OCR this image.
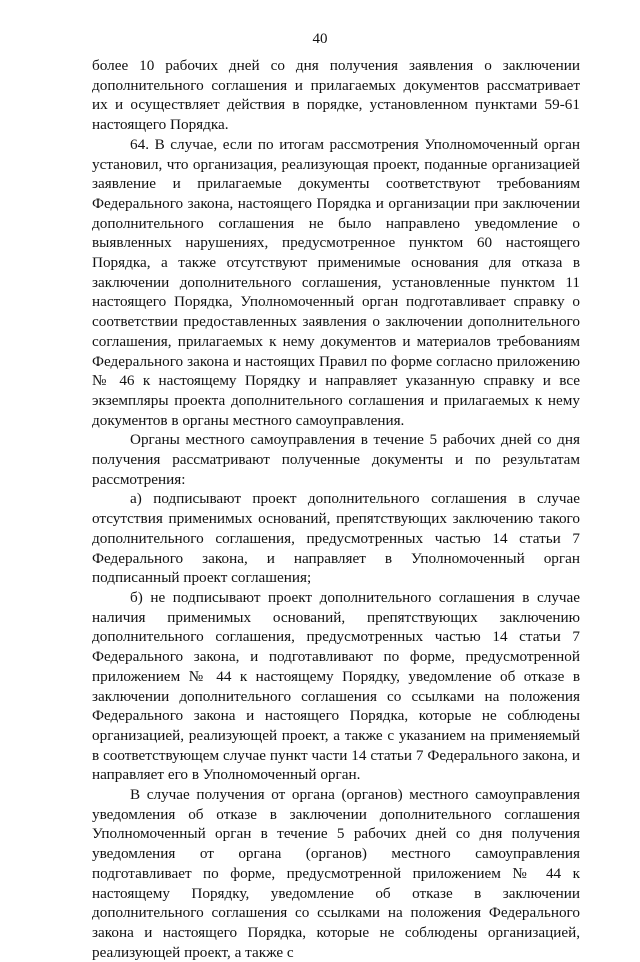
40

более 10 рабочих дней со дня получения заявления о заключении дополнительного соглашения и прилагаемых документов рассматривает их и осуществляет действия в порядке, установленном пунктами 59-61 настоящего Порядка.

64. В случае, если по итогам рассмотрения Уполномоченный орган установил, что организация, реализующая проект, поданные организацией заявление и прилагаемые документы соответствуют требованиям Федерального закона, настоящего Порядка и организации при заключении дополнительного соглашения не было направлено уведомление о выявленных нарушениях, предусмотренное пунктом 60 настоящего Порядка, а также отсутствуют применимые основания для отказа в заключении дополнительного соглашения, установленные пунктом 11 настоящего Порядка, Уполномоченный орган подготавливает справку о соответствии предоставленных заявления о заключении дополнительного соглашения, прилагаемых к нему документов и материалов требованиям Федерального закона и настоящих Правил по форме согласно приложению № 46 к настоящему Порядку и направляет указанную справку и все экземпляры проекта дополнительного соглашения и прилагаемых к нему документов в органы местного самоуправления.

Органы местного самоуправления в течение 5 рабочих дней со дня получения рассматривают полученные документы и по результатам рассмотрения:

а) подписывают проект дополнительного соглашения в случае отсутствия применимых оснований, препятствующих заключению такого дополнительного соглашения, предусмотренных частью 14 статьи 7 Федерального закона, и направляет в Уполномоченный орган подписанный проект соглашения;

б) не подписывают проект дополнительного соглашения в случае наличия применимых оснований, препятствующих заключению дополнительного соглашения, предусмотренных частью 14 статьи 7 Федерального закона, и подготавливают по форме, предусмотренной приложением № 44 к настоящему Порядку, уведомление об отказе в заключении дополнительного соглашения со ссылками на положения Федерального закона и настоящего Порядка, которые не соблюдены организацией, реализующей проект, а также с указанием на применяемый в соответствующем случае пункт части 14 статьи 7 Федерального закона, и направляет его в Уполномоченный орган.

В случае получения от органа (органов) местного самоуправления уведомления об отказе в заключении дополнительного соглашения Уполномоченный орган в течение 5 рабочих дней со дня получения уведомления от органа (органов) местного самоуправления подготавливает по форме, предусмотренной приложением № 44 к настоящему Порядку, уведомление об отказе в заключении дополнительного соглашения со ссылками на положения Федерального закона и настоящего Порядка, которые не соблюдены организацией, реализующей проект, а также с
